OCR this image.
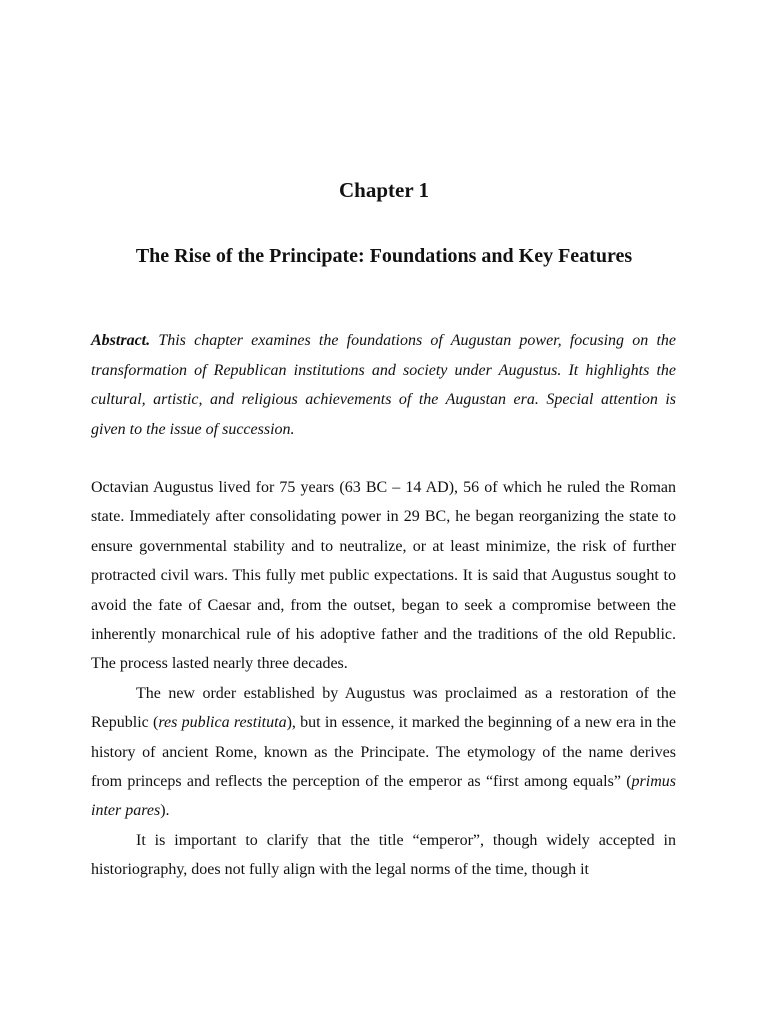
Chapter 1
The Rise of the Principate: Foundations and Key Features

Abstract. This chapter examines the foundations of Augustan power, focusing on the transformation of Republican institutions and society under Augustus. It highlights the cultural, artistic, and religious achievements of the Augustan era. Special attention is given to the issue of succession.

Octavian Augustus lived for 75 years (63 BC – 14 AD), 56 of which he ruled the Roman state. Immediately after consolidating power in 29 BC, he began reorganizing the state to ensure governmental stability and to neutralize, or at least minimize, the risk of further protracted civil wars. This fully met public expectations. It is said that Augustus sought to avoid the fate of Caesar and, from the outset, began to seek a compromise between the inherently monarchical rule of his adoptive father and the traditions of the old Republic. The process lasted nearly three decades.

The new order established by Augustus was proclaimed as a restoration of the Republic (res publica restituta), but in essence, it marked the beginning of a new era in the history of ancient Rome, known as the Principate. The etymology of the name derives from princeps and reflects the perception of the emperor as “first among equals” (primus inter pares).

It is important to clarify that the title “emperor”, though widely accepted in historiography, does not fully align with the legal norms of the time, though it
